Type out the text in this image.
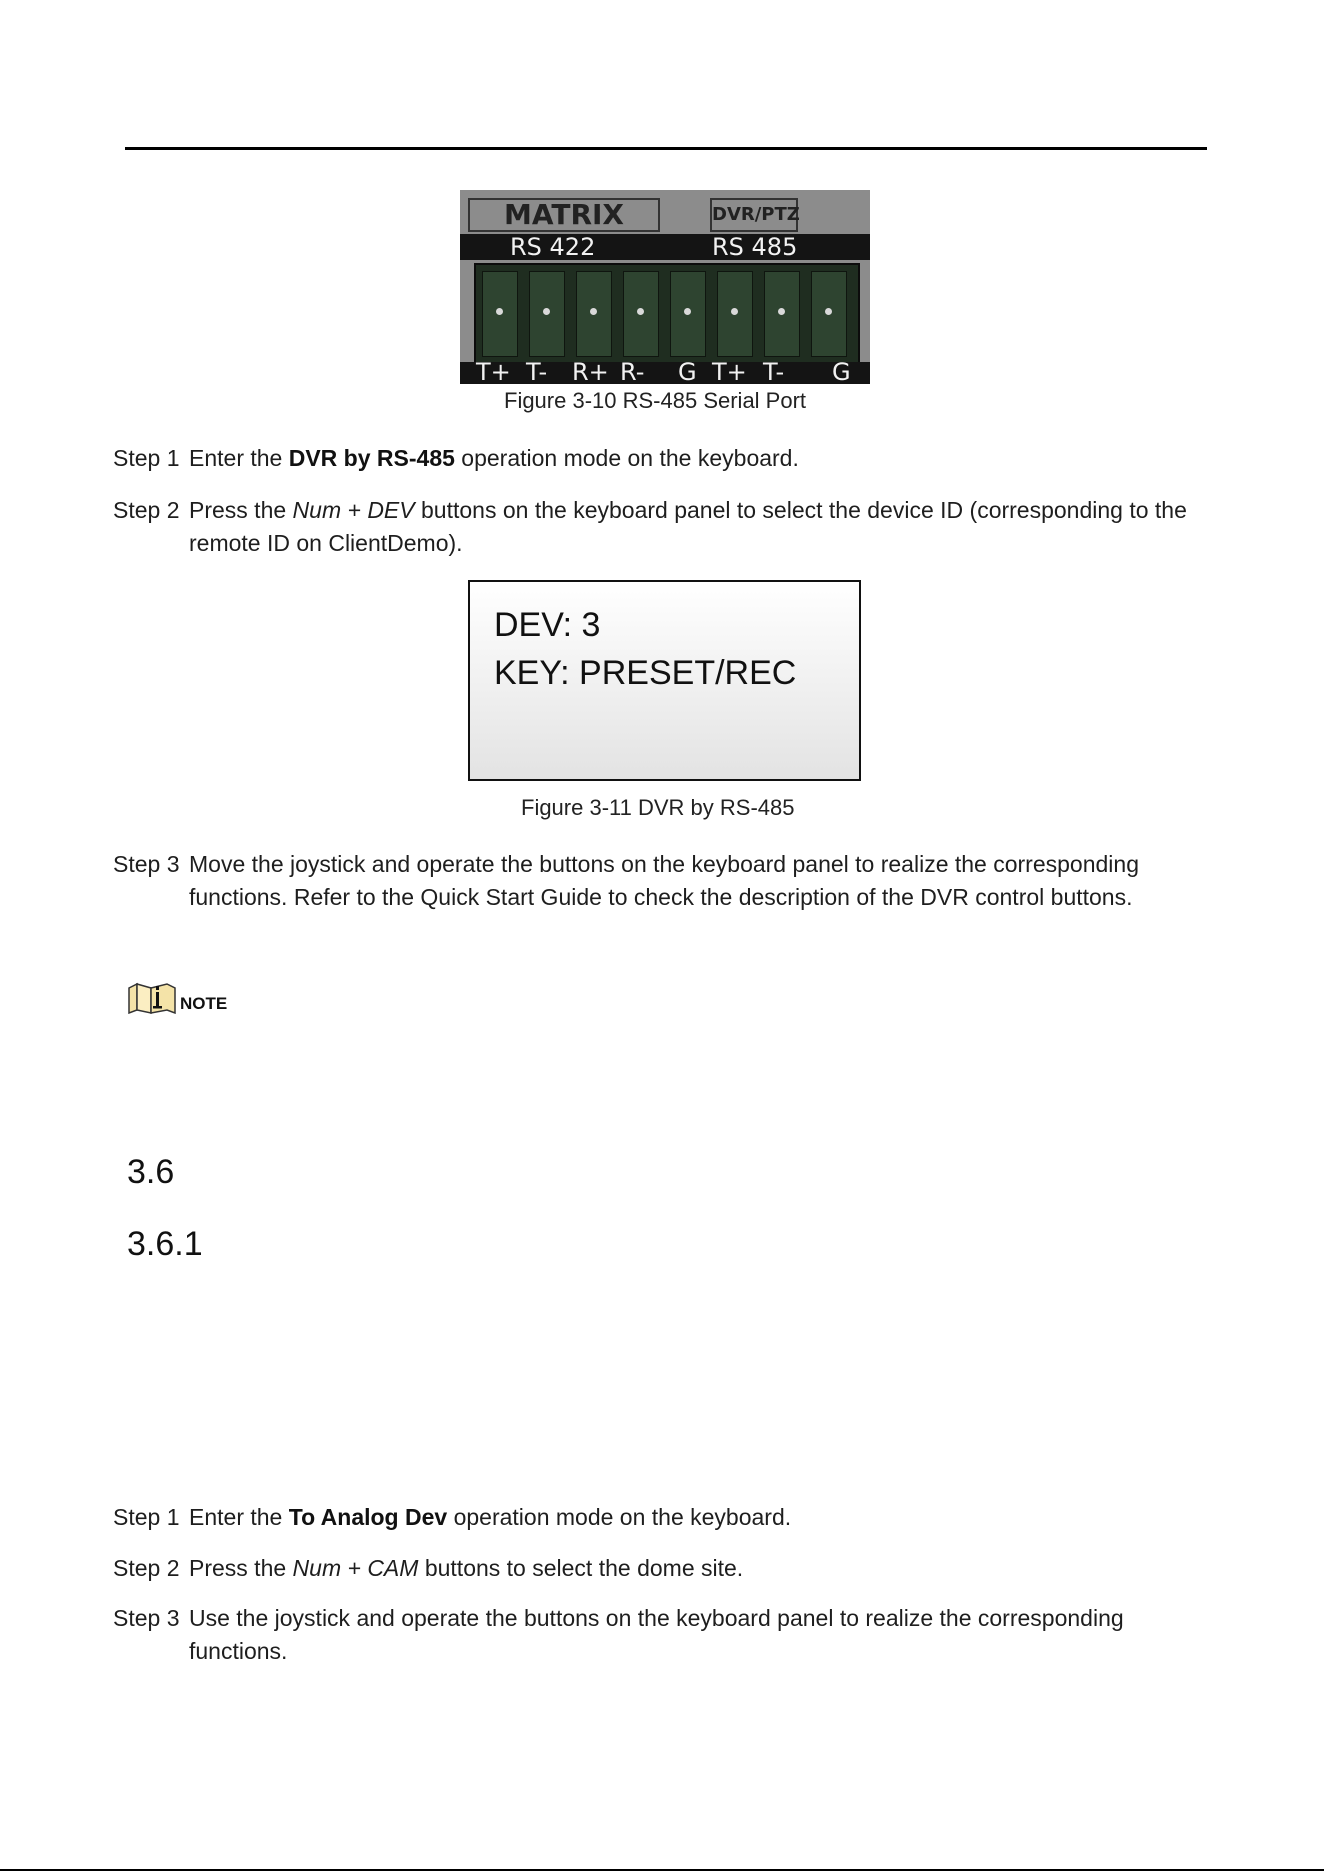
MATRIX	DVR/PTZ
RS 422	RS 485
T+ T- R+ R- G T+ T- G
Figure 3-10 RS-485 Serial Port
Step 1 Enter the DVR by RS-485 operation mode on the keyboard.
Step 2 Press the Num + DEV buttons on the keyboard panel to select the device ID (corresponding to the remote ID on ClientDemo).
DEV: 3
KEY: PRESET/REC
Figure 3-11 DVR by RS-485
Step 3 Move the joystick and operate the buttons on the keyboard panel to realize the corresponding functions. Refer to the Quick Start Guide to check the description of the DVR control buttons.
NOTE
3.6
3.6.1
Step 1 Enter the To Analog Dev operation mode on the keyboard.
Step 2 Press the Num + CAM buttons to select the dome site.
Step 3 Use the joystick and operate the buttons on the keyboard panel to realize the corresponding functions.
